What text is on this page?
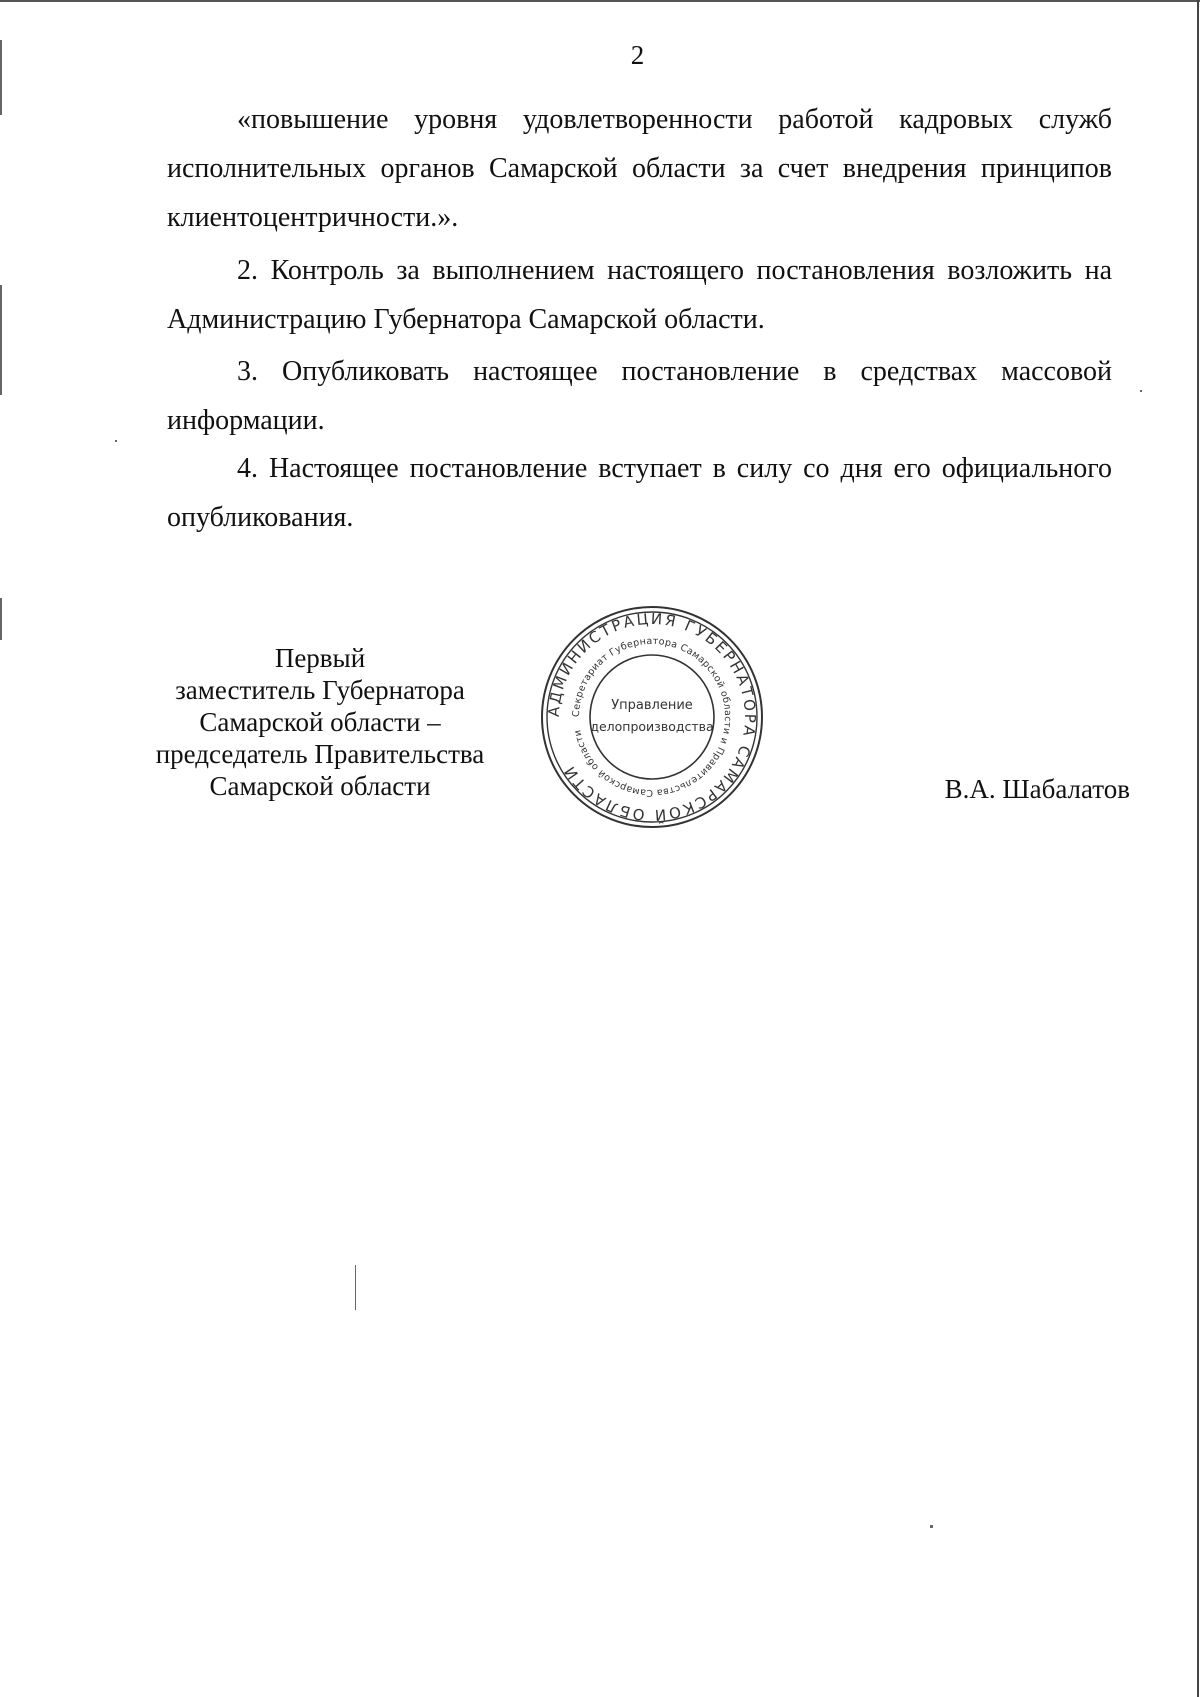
2

«повышение уровня удовлетворенности работой кадровых служб
исполнительных органов Самарской области за счет внедрения принципов
клиентоцентричности.».

2. Контроль за выполнением настоящего постановления возложить на
Администрацию Губернатора Самарской области.

3. Опубликовать настоящее постановление в средствах массовой
информации.

4. Настоящее постановление вступает в силу со дня его официального
опубликования.

Первый
заместитель Губернатора
Самарской области –
председатель Правительства
Самарской области
АДМИНИСТРАЦИЯ ГУБЕРНАТОРА САМАРСКОЙ ОБЛАСТИ
Секретариат Губернатора Самарской области и Правительства Самарской области
Управление
делопроизводства
В.А. Шабалатов
